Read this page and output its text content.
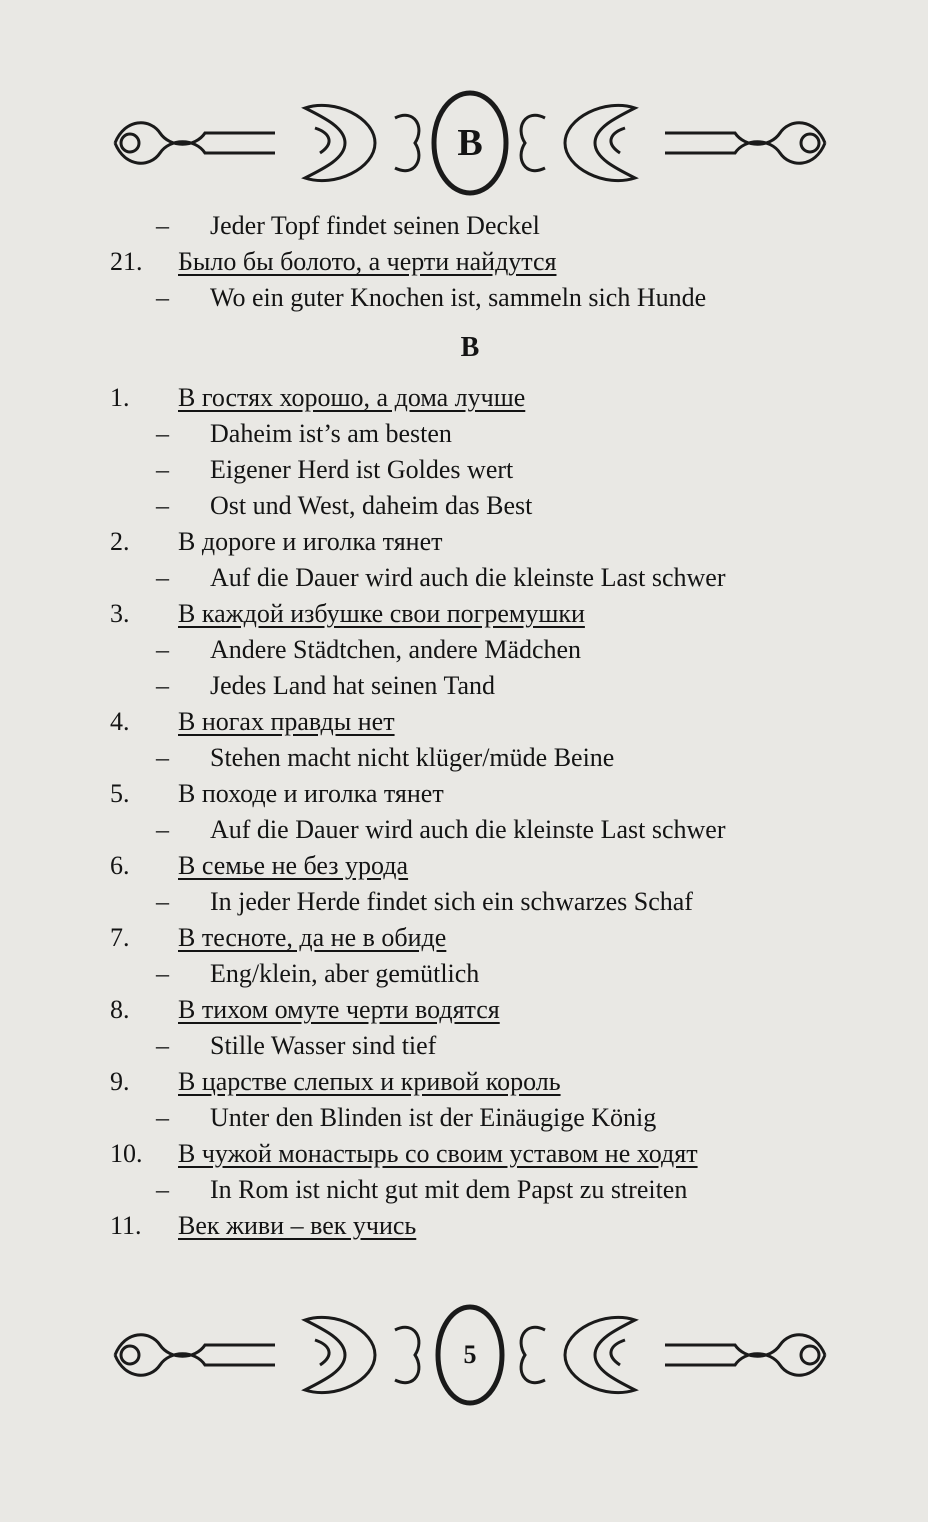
В
– Jeder Topf findet seinen Deckel
21. Было бы болото, а черти найдутся
– Wo ein guter Knochen ist, sammeln sich Hunde
В
1. В гостях хорошо, а дома лучше
– Daheim ist’s am besten
– Eigener Herd ist Goldes wert
– Ost und West, daheim das Best
2. В дороге и иголка тянет
– Auf die Dauer wird auch die kleinste Last schwer
3. В каждой избушке свои погремушки
– Andere Städtchen, andere Mädchen
– Jedes Land hat seinen Tand
4. В ногах правды нет
– Stehen macht nicht klüger/müde Beine
5. В походе и иголка тянет
– Auf die Dauer wird auch die kleinste Last schwer
6. В семье не без урода
– In jeder Herde findet sich ein schwarzes Schaf
7. В тесноте, да не в обиде
– Eng/klein, aber gemütlich
8. В тихом омуте черти водятся
– Stille Wasser sind tief
9. В царстве слепых и кривой король
– Unter den Blinden ist der Einäugige König
10. В чужой монастырь со своим уставом не ходят
– In Rom ist nicht gut mit dem Papst zu streiten
11. Век живи – век учись
5
